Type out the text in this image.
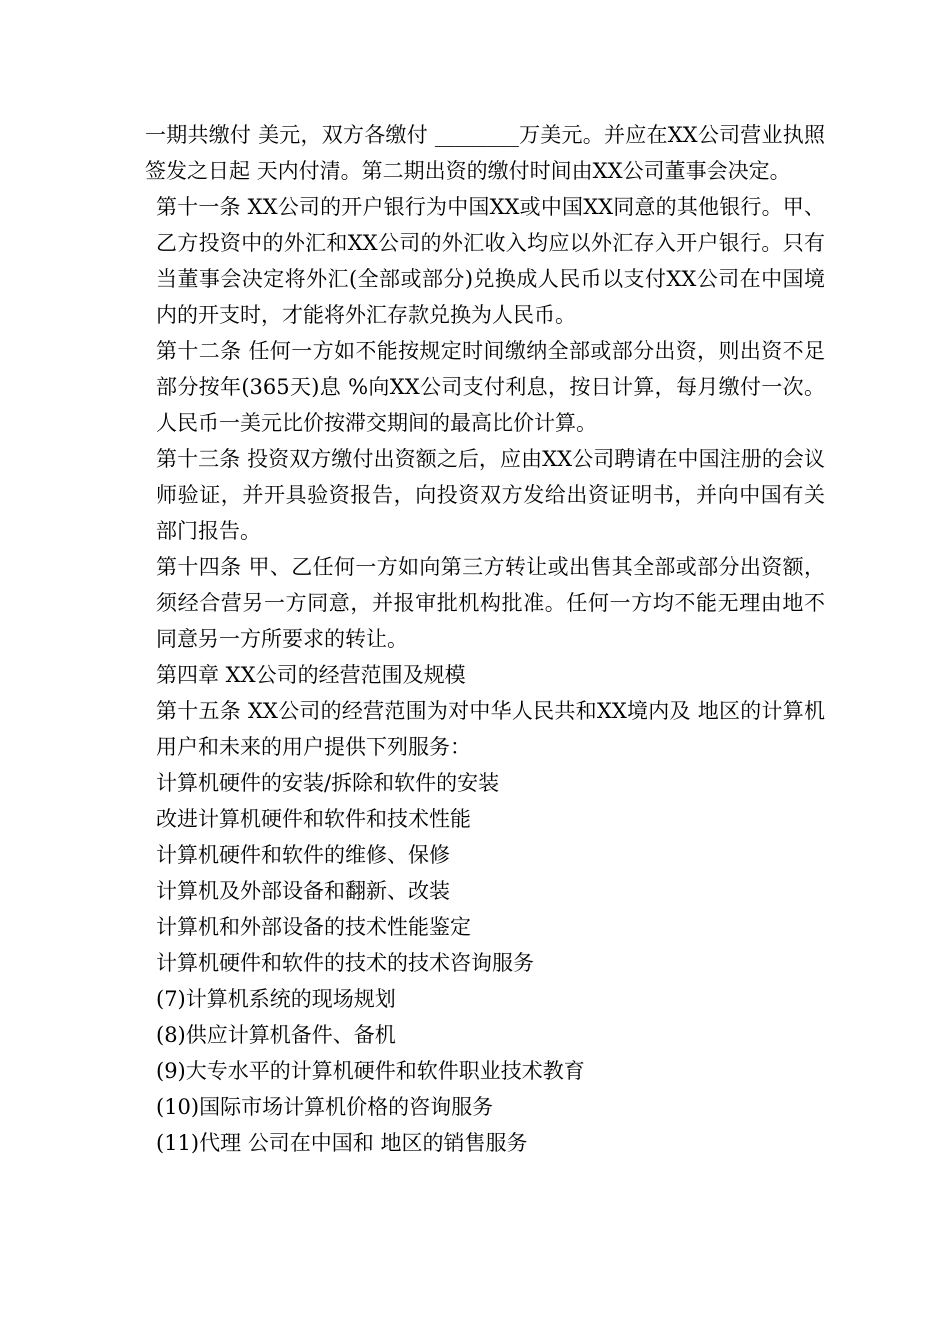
一期共缴付 美元，双方各缴付 ________万美元。并应在XX公司营业执照签发之日起 天内付清。第二期出资的缴付时间由XX公司董事会决定。

第十一条 XX公司的开户银行为中国XX或中国XX同意的其他银行。甲、乙方投资中的外汇和XX公司的外汇收入均应以外汇存入开户银行。只有当董事会决定将外汇(全部或部分)兑换成人民币以支付XX公司在中国境内的开支时，才能将外汇存款兑换为人民币。

第十二条 任何一方如不能按规定时间缴纳全部或部分出资，则出资不足部分按年(365天)息 %向XX公司支付利息，按日计算，每月缴付一次。人民币一美元比价按滞交期间的最高比价计算。

第十三条 投资双方缴付出资额之后，应由XX公司聘请在中国注册的会议师验证，并开具验资报告，向投资双方发给出资证明书，并向中国有关部门报告。

第十四条 甲、乙任何一方如向第三方转让或出售其全部或部分出资额，须经合营另一方同意，并报审批机构批准。任何一方均不能无理由地不同意另一方所要求的转让。

第四章 XX公司的经营范围及规模

第十五条 XX公司的经营范围为对中华人民共和XX境内及 地区的计算机用户和未来的用户提供下列服务：

计算机硬件的安装/拆除和软件的安装

改进计算机硬件和软件和技术性能

计算机硬件和软件的维修、保修

计算机及外部设备和翻新、改装

计算机和外部设备的技术性能鉴定

计算机硬件和软件的技术的技术咨询服务

(7)计算机系统的现场规划

(8)供应计算机备件、备机

(9)大专水平的计算机硬件和软件职业技术教育

(10)国际市场计算机价格的咨询服务

(11)代理 公司在中国和 地区的销售服务
